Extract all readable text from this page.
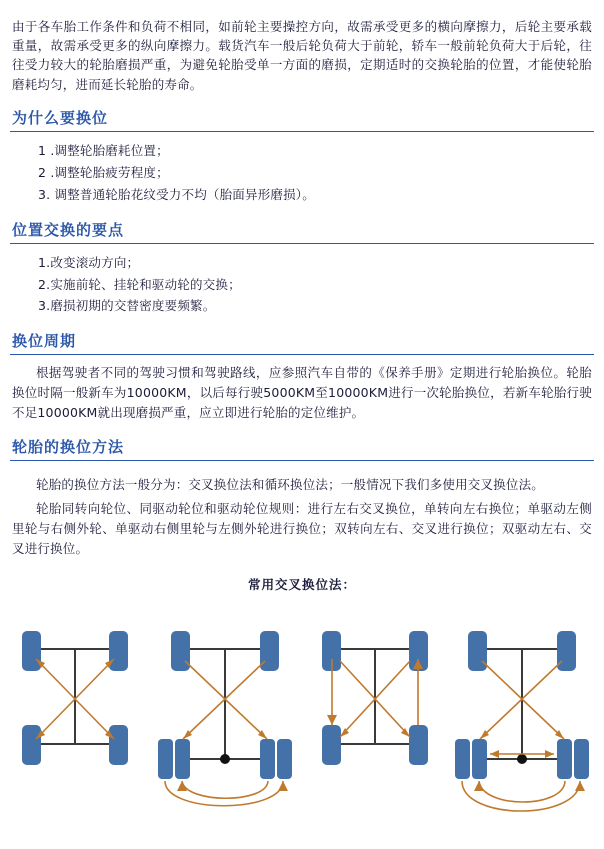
由于各车胎工作条件和负荷不相同，如前轮主要操控方向，故需承受更多的横向摩擦力，后轮主要承载重量，故需承受更多的纵向摩擦力。载货汽车一般后轮负荷大于前轮，轿车一般前轮负荷大于后轮，往往受力较大的轮胎磨损严重，为避免轮胎受单一方面的磨损，定期适时的交换轮胎的位置，才能使轮胎磨耗均匀，进而延长轮胎的寿命。

为什么要换位
1 .调整轮胎磨耗位置；
2 .调整轮胎疲劳程度；
3. 调整普通轮胎花纹受力不均（胎面异形磨损）。
位置交换的要点
1.改变滚动方向；
2.实施前轮、挂轮和驱动轮的交换；
3.磨损初期的交替密度要频繁。
换位周期
根据驾驶者不同的驾驶习惯和驾驶路线，应参照汽车自带的《保养手册》定期进行轮胎换位。轮胎换位时隔一般新车为10000KM，以后每行驶5000KM至10000KM进行一次轮胎换位，若新车轮胎行驶不足10000KM就出现磨损严重，应立即进行轮胎的定位维护。
轮胎的换位方法
轮胎的换位方法一般分为：交叉换位法和循环换位法；一般情况下我们多使用交叉换位法。
轮胎同转向轮位、同驱动轮位和驱动轮位规则：进行左右交叉换位，单转向左右换位；单驱动左侧里轮与右侧外轮、单驱动右侧里轮与左侧外轮进行换位；双转向左右、交叉进行换位；双驱动左右、交叉进行换位。
常用交叉换位法：
